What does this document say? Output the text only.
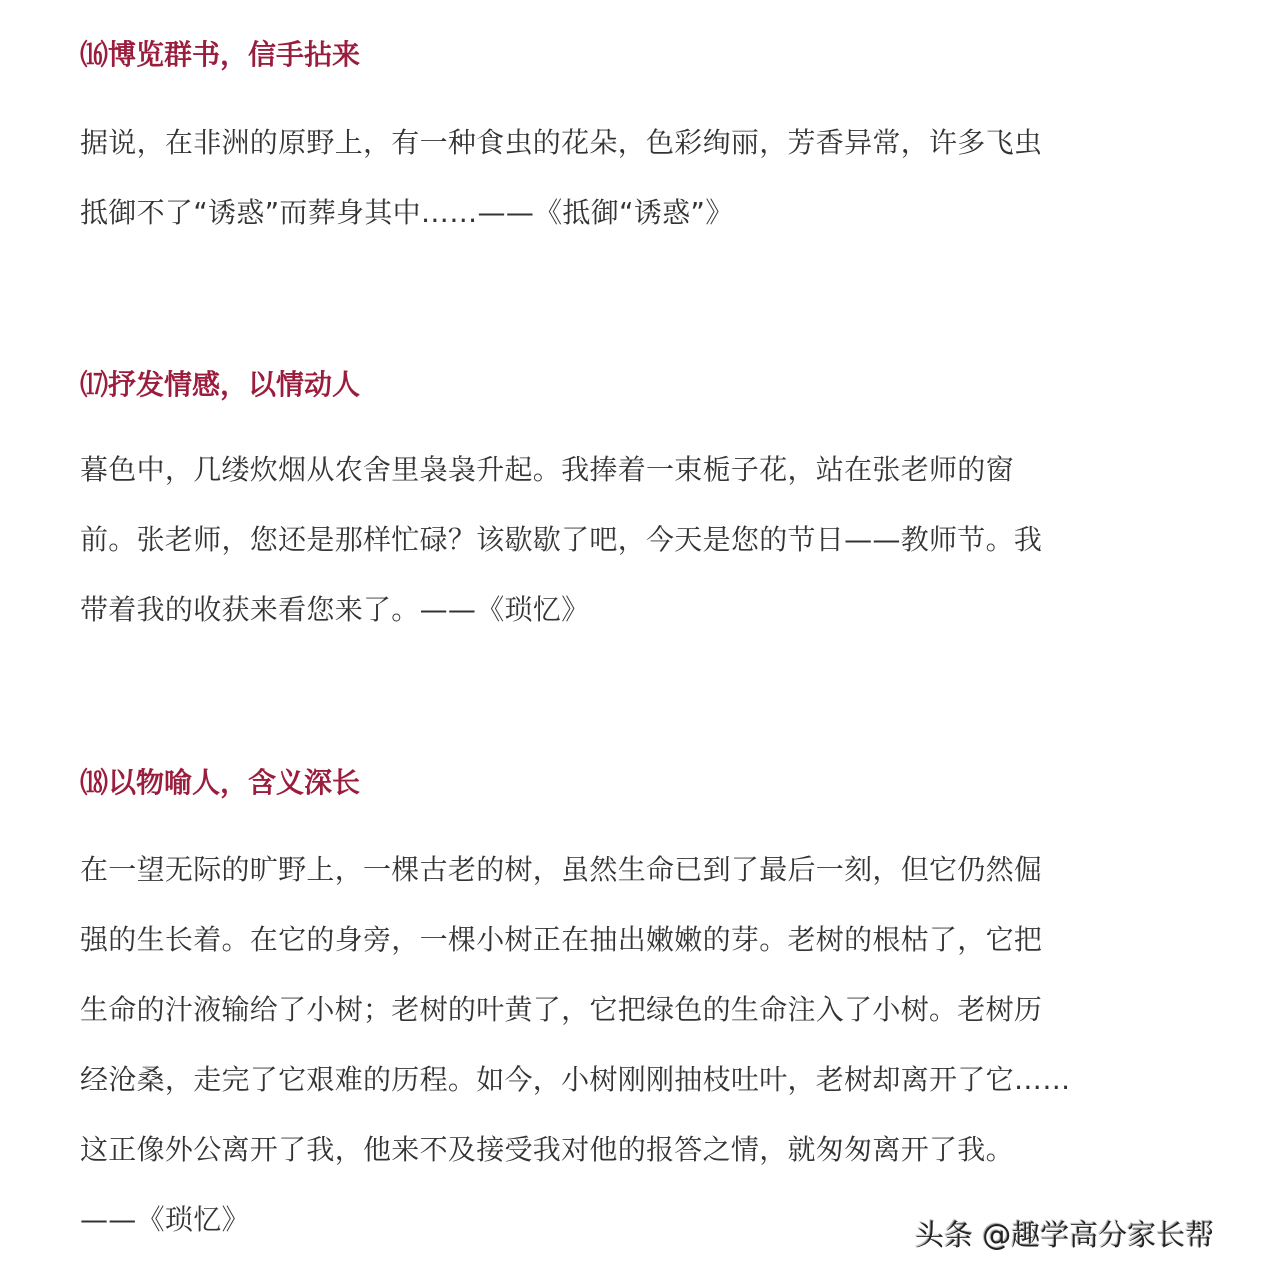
⒃博览群书，信手拈来
据说，在非洲的原野上，有一种食虫的花朵，色彩绚丽，芳香异常，许多飞虫
抵御不了“诱惑”而葬身其中……——《抵御“诱惑”》
⒄抒发情感，以情动人
暮色中，几缕炊烟从农舍里袅袅升起。我捧着一束栀子花，站在张老师的窗
前。张老师，您还是那样忙碌？该歇歇了吧，今天是您的节日——教师节。我
带着我的收获来看您来了。——《琐忆》
⒅以物喻人，含义深长
在一望无际的旷野上，一棵古老的树，虽然生命已到了最后一刻，但它仍然倔
强的生长着。在它的身旁，一棵小树正在抽出嫩嫩的芽。老树的根枯了，它把
生命的汁液输给了小树；老树的叶黄了，它把绿色的生命注入了小树。老树历
经沧桑，走完了它艰难的历程。如今，小树刚刚抽枝吐叶，老树却离开了它……
这正像外公离开了我，他来不及接受我对他的报答之情，就匆匆离开了我。
——《琐忆》	头条 @趣学高分家长帮
